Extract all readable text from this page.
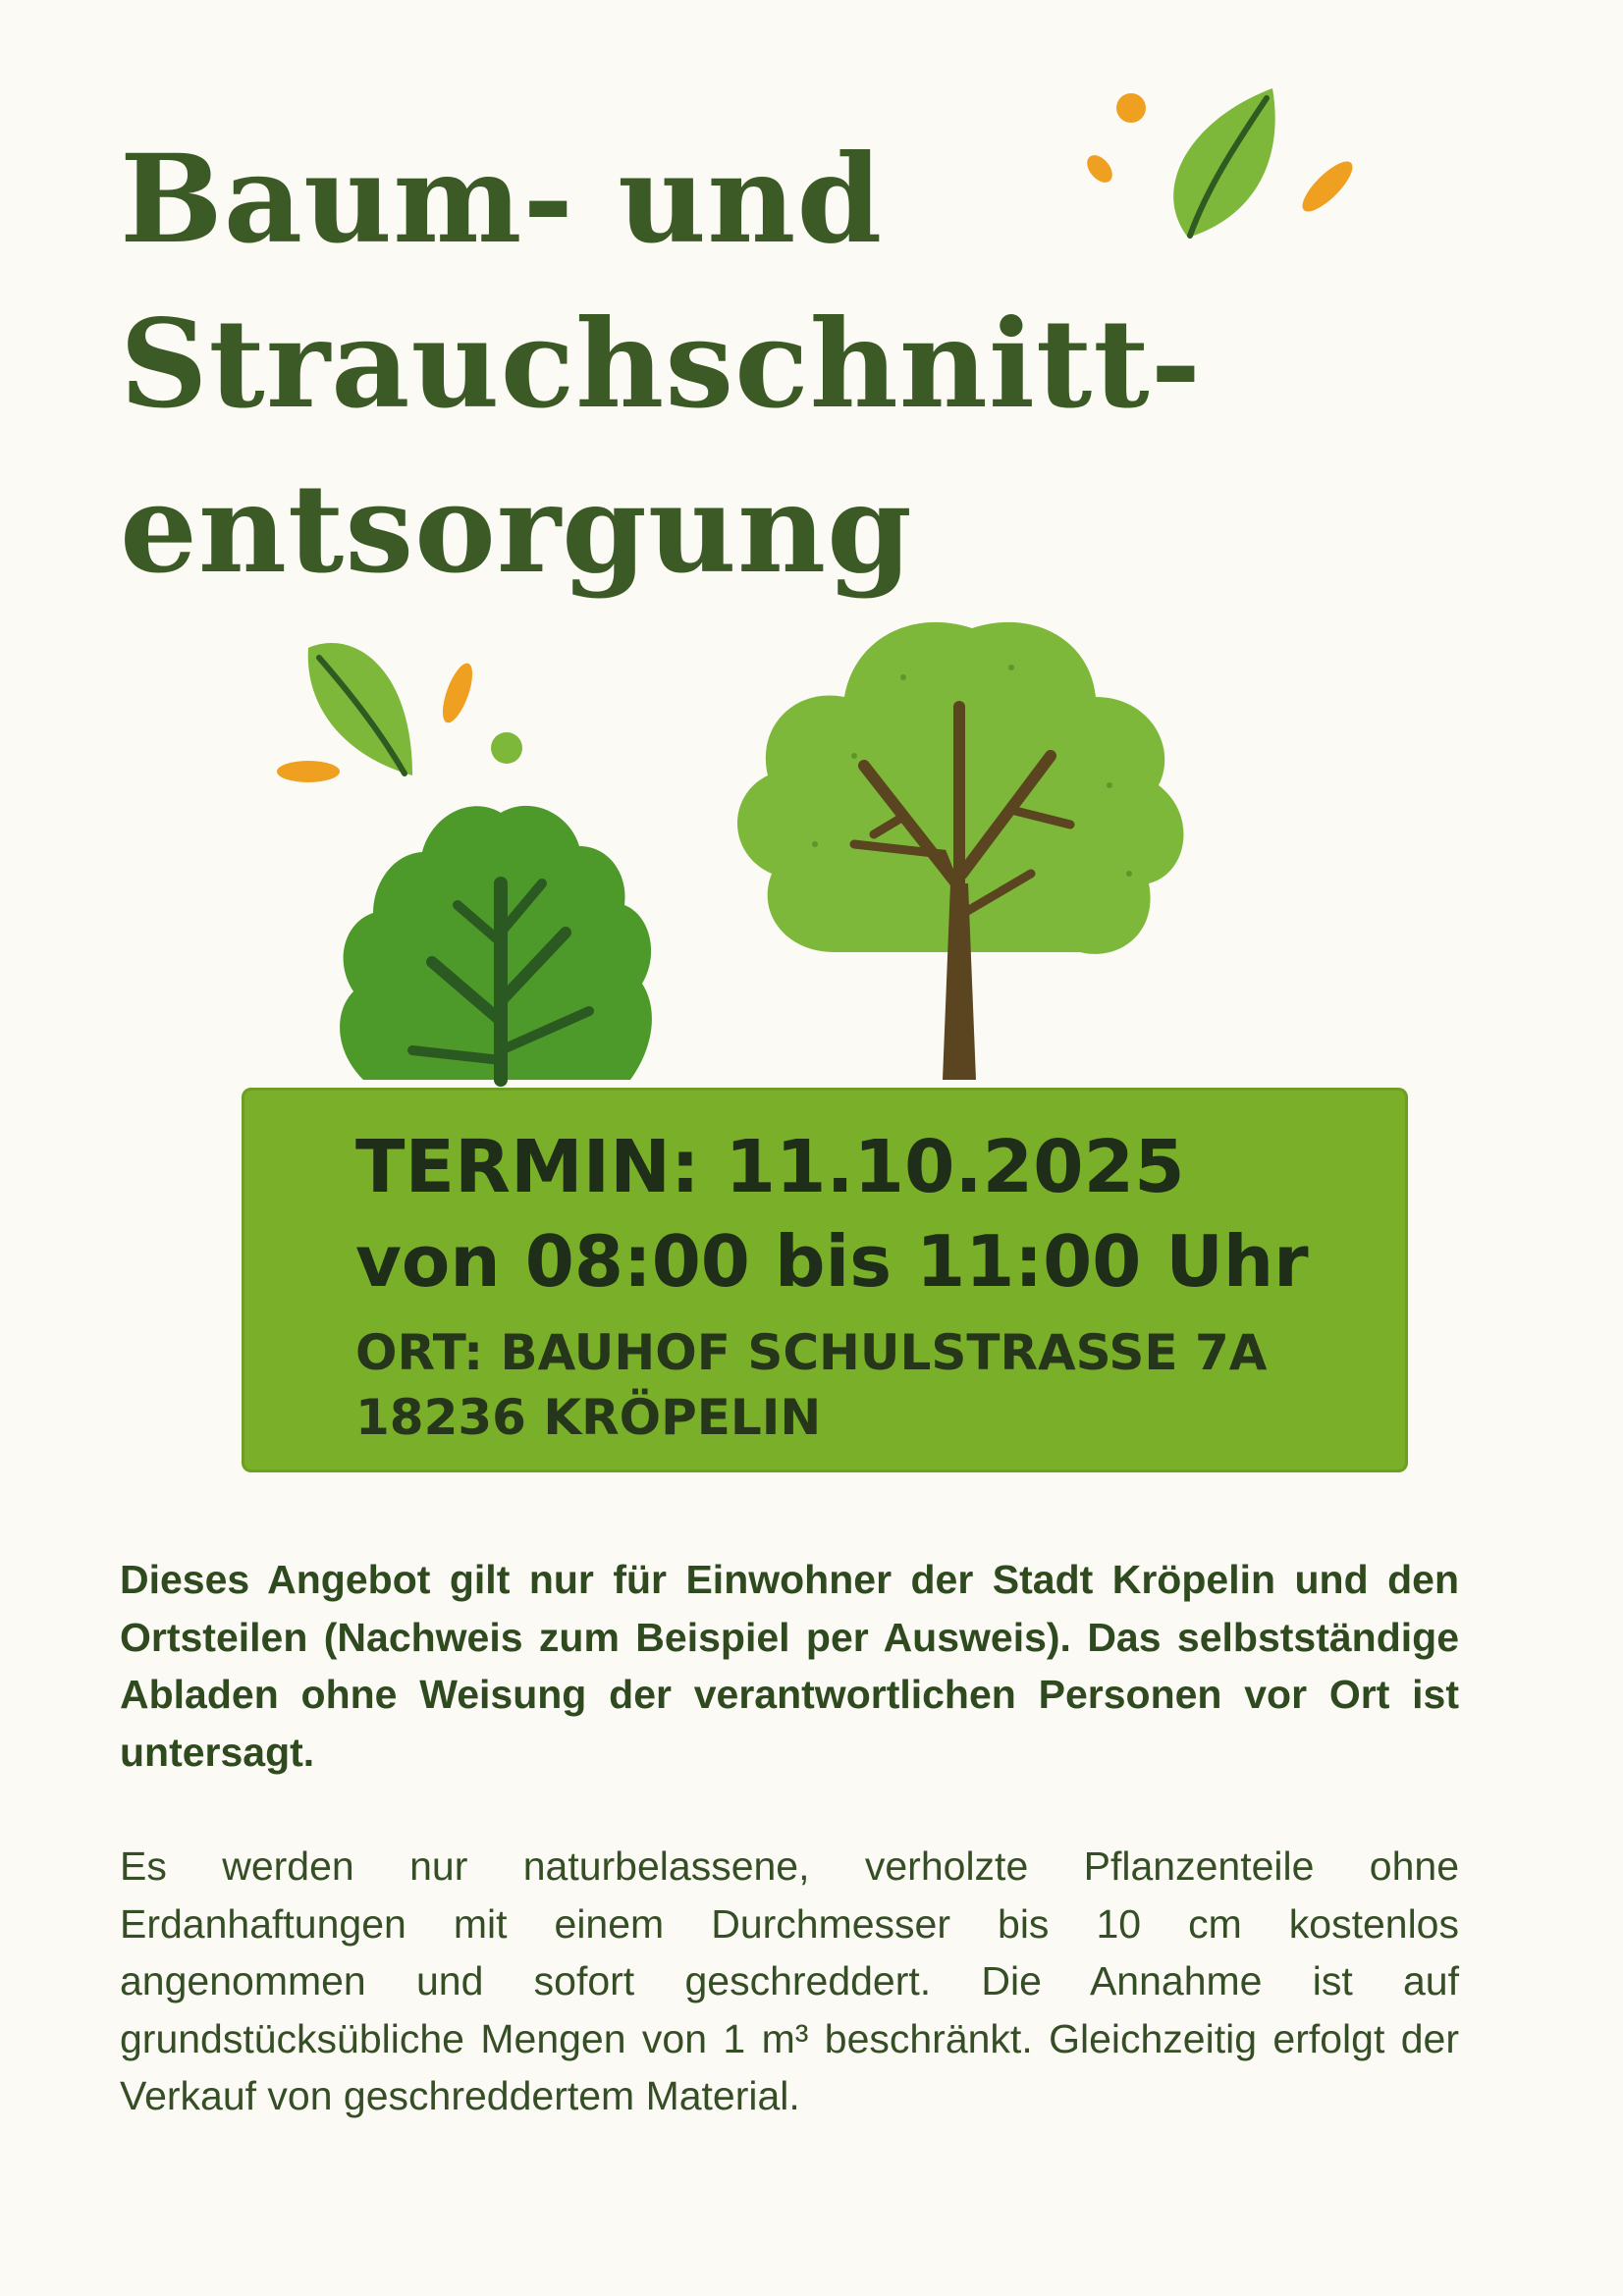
Baum- und
Strauchschnitt-
entsorgung

TERMIN: 11.10.2025

von 08:00 bis 11:00 Uhr

ORT: BAUHOF SCHULSTRASSE 7A

18236 KRÖPELIN

Dieses Angebot gilt nur für Einwohner der Stadt Kröpelin und den Ortsteilen (Nachweis zum Beispiel per Ausweis). Das selbstständige Abladen ohne Weisung der verantwortlichen Personen vor Ort ist untersagt.

Es werden nur naturbelassene, verholzte Pflanzenteile ohne Erdanhaftungen mit einem Durchmesser bis 10 cm kostenlos angenommen und sofort geschreddert. Die Annahme ist auf grundstücksübliche Mengen von 1 m³ beschränkt. Gleichzeitig erfolgt der Verkauf von geschreddertem Material.
